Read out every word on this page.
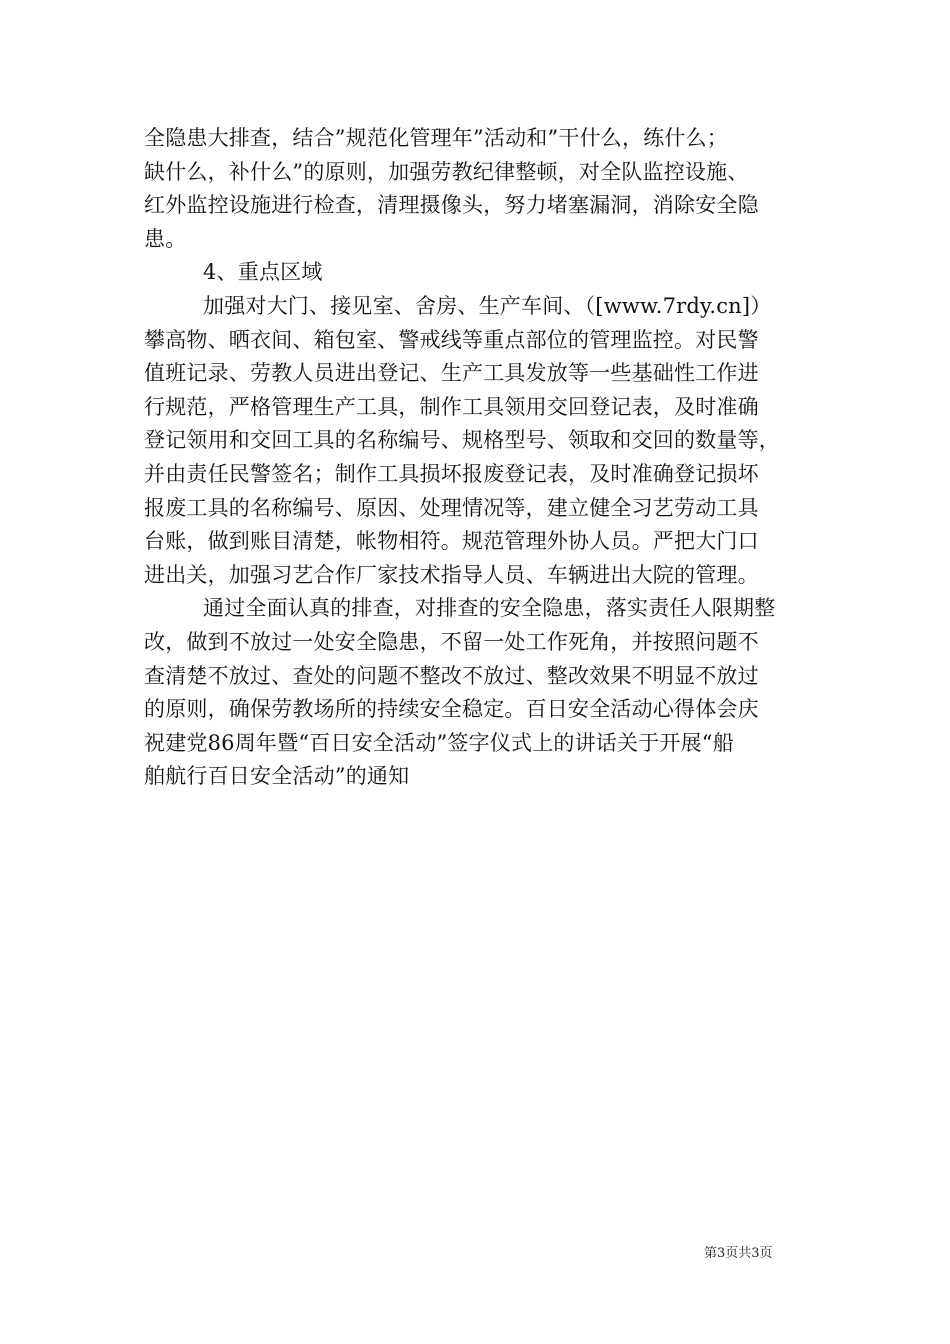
全隐患大排查，结合”规范化管理年”活动和”干什么，练什么；
缺什么，补什么”的原则，加强劳教纪律整顿，对全队监控设施、
红外监控设施进行检查，清理摄像头，努力堵塞漏洞，消除安全隐
患。
4、重点区域
加强对大门、接见室、舍房、生产车间、（[www.7rdy.cn]）
攀高物、晒衣间、箱包室、警戒线等重点部位的管理监控。对民警
值班记录、劳教人员进出登记、生产工具发放等一些基础性工作进
行规范，严格管理生产工具，制作工具领用交回登记表，及时准确
登记领用和交回工具的名称编号、规格型号、领取和交回的数量等，
并由责任民警签名；制作工具损坏报废登记表，及时准确登记损坏
报废工具的名称编号、原因、处理情况等，建立健全习艺劳动工具
台账，做到账目清楚，帐物相符。规范管理外协人员。严把大门口
进出关，加强习艺合作厂家技术指导人员、车辆进出大院的管理。
通过全面认真的排查，对排查的安全隐患，落实责任人限期整
改，做到不放过一处安全隐患，不留一处工作死角，并按照问题不
查清楚不放过、查处的问题不整改不放过、整改效果不明显不放过
的原则，确保劳教场所的持续安全稳定。百日安全活动心得体会庆
祝建党86周年暨“百日安全活动”签字仪式上的讲话关于开展“船
舶航行百日安全活动”的通知
第3页共3页
